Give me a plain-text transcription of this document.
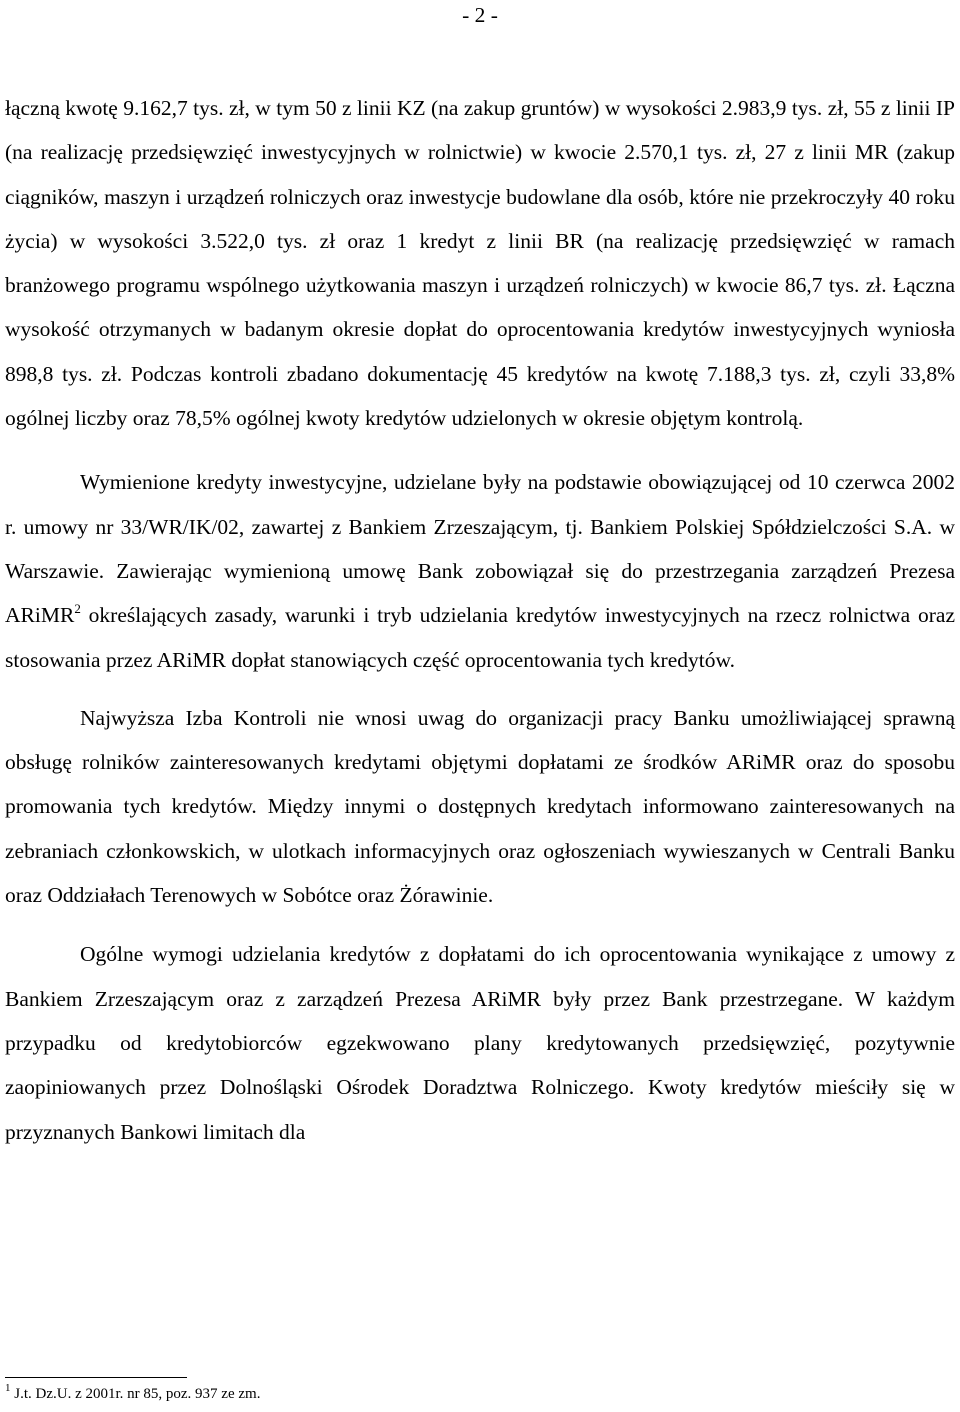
- 2 -

łączną kwotę 9.162,7 tys. zł, w tym 50 z linii KZ (na zakup gruntów) w wysokości 2.983,9 tys. zł, 55 z linii IP (na realizację przedsięwzięć inwestycyjnych w rolnictwie) w kwocie 2.570,1 tys. zł, 27 z linii MR (zakup ciągników, maszyn i urządzeń rolniczych oraz inwestycje budowlane dla osób, które nie przekroczyły 40 roku życia) w wysokości 3.522,0 tys. zł oraz 1 kredyt z linii BR (na realizację przedsięwzięć w ramach branżowego programu wspólnego użytkowania maszyn i urządzeń rolniczych) w kwocie 86,7 tys. zł. Łączna wysokość otrzymanych w badanym okresie dopłat do oprocentowania kredytów inwestycyjnych wyniosła 898,8 tys. zł. Podczas kontroli zbadano dokumentację 45 kredytów na kwotę 7.188,3 tys. zł, czyli 33,8% ogólnej liczby oraz 78,5% ogólnej kwoty kredytów udzielonych w okresie objętym kontrolą.

Wymienione kredyty inwestycyjne, udzielane były na podstawie obowiązującej od 10 czerwca 2002 r. umowy nr 33/WR/IK/02, zawartej z Bankiem Zrzeszającym, tj. Bankiem Polskiej Spółdzielczości S.A. w Warszawie. Zawierając wymienioną umowę Bank zobowiązał się do przestrzegania zarządzeń Prezesa ARiMR$^2$ określających zasady, warunki i tryb udzielania kredytów inwestycyjnych na rzecz rolnictwa oraz stosowania przez ARiMR dopłat stanowiących część oprocentowania tych kredytów.

Najwyższa Izba Kontroli nie wnosi uwag do organizacji pracy Banku umożliwiającej sprawną obsługę rolników zainteresowanych kredytami objętymi dopłatami ze środków ARiMR oraz do sposobu promowania tych kredytów. Między innymi o dostępnych kredytach informowano zainteresowanych na zebraniach członkowskich, w ulotkach informacyjnych oraz ogłoszeniach wywieszanych w Centrali Banku oraz Oddziałach Terenowych w Sobótce oraz Żórawinie.

Ogólne wymogi udzielania kredytów z dopłatami do ich oprocentowania wynikające z umowy z Bankiem Zrzeszającym oraz z zarządzeń Prezesa ARiMR były przez Bank przestrzegane. W każdym przypadku od kredytobiorców egzekwowano plany kredytowanych przedsięwzięć, pozytywnie zaopiniowanych przez Dolnośląski Ośrodek Doradztwa Rolniczego. Kwoty kredytów mieściły się w przyznanych Bankowi limitach dla

$^1$ J.t. Dz.U. z 2001r. nr 85, poz. 937 ze zm.
